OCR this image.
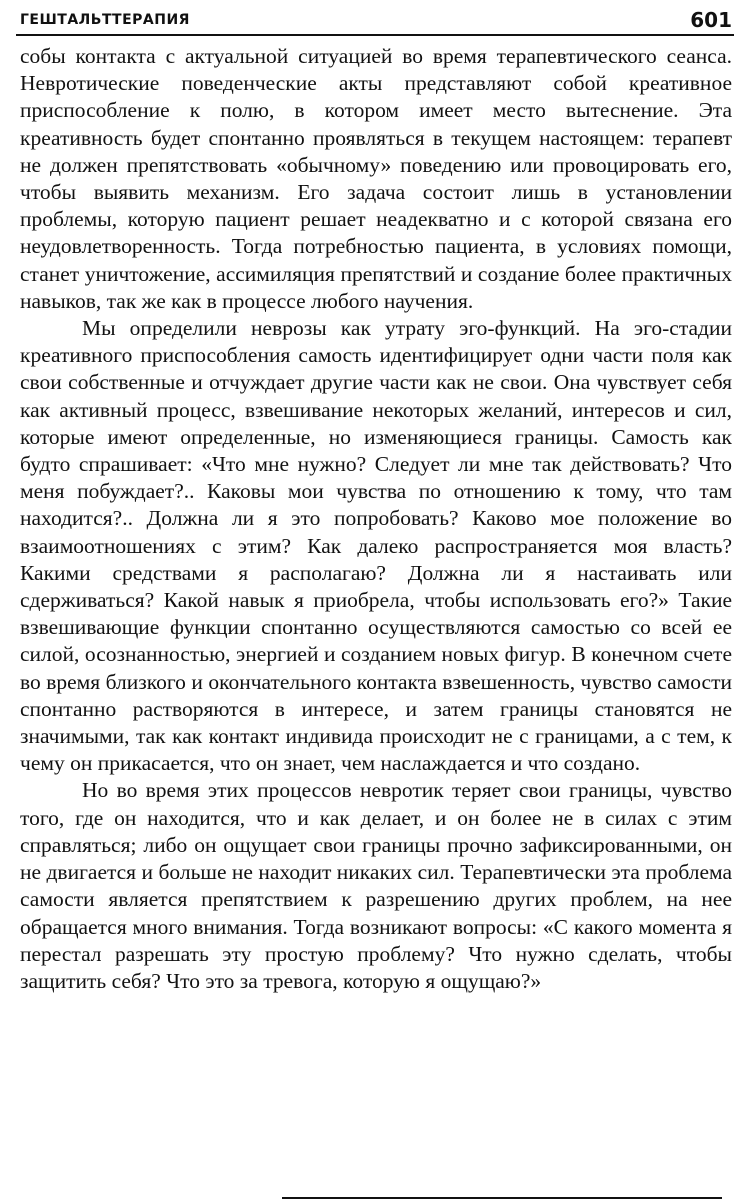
ГЕШТАЛЬТТЕРАПИЯ	601

собы контакта с актуальной ситуацией во время терапевтического сеанса. Невротические поведенческие акты представляют собой креативное приспособление к полю, в котором имеет место вытеснение. Эта креативность будет спонтанно проявляться в текущем настоящем: терапевт не должен препятствовать «обычному» поведению или провоцировать его, чтобы выявить механизм. Его задача состоит лишь в установлении проблемы, которую пациент решает неадекватно и с которой связана его неудовлетворенность. Тогда потребностью пациента, в условиях помощи, станет уничтожение, ассимиляция препятствий и создание более практичных навыков, так же как в процессе любого научения.

Мы определили неврозы как утрату эго-функций. На эго-стадии креативного приспособления самость идентифицирует одни части поля как свои собственные и отчуждает другие части как не свои. Она чувствует себя как активный процесс, взвешивание некоторых желаний, интересов и сил, которые имеют определенные, но изменяющиеся границы. Самость как будто спрашивает: «Что мне нужно? Следует ли мне так действовать? Что меня побуждает?.. Каковы мои чувства по отношению к тому, что там находится?.. Должна ли я это попробовать? Каково мое положение во взаимоотношениях с этим? Как далеко распространяется моя власть? Какими средствами я располагаю? Должна ли я настаивать или сдерживаться? Какой навык я приобрела, чтобы использовать его?» Такие взвешивающие функции спонтанно осуществляются самостью со всей ее силой, осознанностью, энергией и созданием новых фигур. В конечном счете во время близкого и окончательного контакта взвешенность, чувство самости спонтанно растворяются в интересе, и затем границы становятся не значимыми, так как контакт индивида происходит не с границами, а с тем, к чему он прикасается, что он знает, чем наслаждается и что создано.

Но во время этих процессов невротик теряет свои границы, чувство того, где он находится, что и как делает, и он более не в силах с этим справляться; либо он ощущает свои границы прочно зафиксированными, он не двигается и больше не находит никаких сил. Терапевтически эта проблема самости является препятствием к разрешению других проблем, на нее обращается много внимания. Тогда возникают вопросы: «С какого момента я перестал разрешать эту простую проблему? Что нужно сделать, чтобы защитить себя? Что это за тревога, которую я ощущаю?»
